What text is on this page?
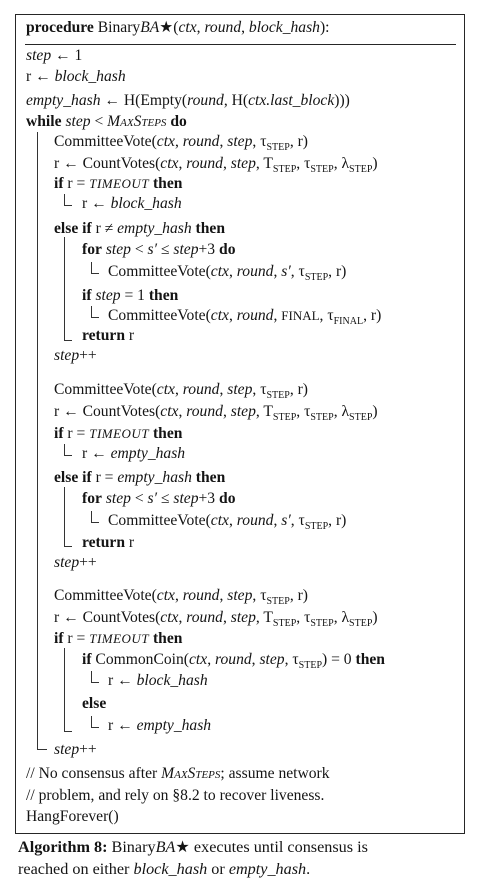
procedure BinaryBA★(ctx, round, block_hash):
step ← 1
r ← block_hash
empty_hash ← H(Empty(round, H(ctx.last_block)))
while step < MaxSteps do
CommitteeVote(ctx, round, step, $\tau_{STEP}$, r)
r ← CountVotes(ctx, round, step, $T_{STEP}$, $\tau_{STEP}$, $\lambda_{STEP}$)
if r = TIMEOUT then
r ← block_hash
else if r ≠ empty_hash then
for step < s′ ≤ step+3 do
CommitteeVote(ctx, round, s′, $\tau_{STEP}$, r)
if step = 1 then
CommitteeVote(ctx, round, FINAL, $\tau_{FINAL}$, r)
return r
step++
CommitteeVote(ctx, round, step, $\tau_{STEP}$, r)
r ← CountVotes(ctx, round, step, $T_{STEP}$, $\tau_{STEP}$, $\lambda_{STEP}$)
if r = TIMEOUT then
r ← empty_hash
else if r = empty_hash then
for step < s′ ≤ step+3 do
CommitteeVote(ctx, round, s′, $\tau_{STEP}$, r)
return r
step++
CommitteeVote(ctx, round, step, $\tau_{STEP}$, r)
r ← CountVotes(ctx, round, step, $T_{STEP}$, $\tau_{STEP}$, $\lambda_{STEP}$)
if r = TIMEOUT then
if CommonCoin(ctx, round, step, $\tau_{STEP}) = 0$ then
r ← block_hash
else
r ← empty_hash
step++
// No consensus after MaxSteps; assume network
// problem, and rely on §8.2 to recover liveness.
HangForever()
Algorithm 8: BinaryBA★ executes until consensus is
reached on either block_hash or empty_hash.
